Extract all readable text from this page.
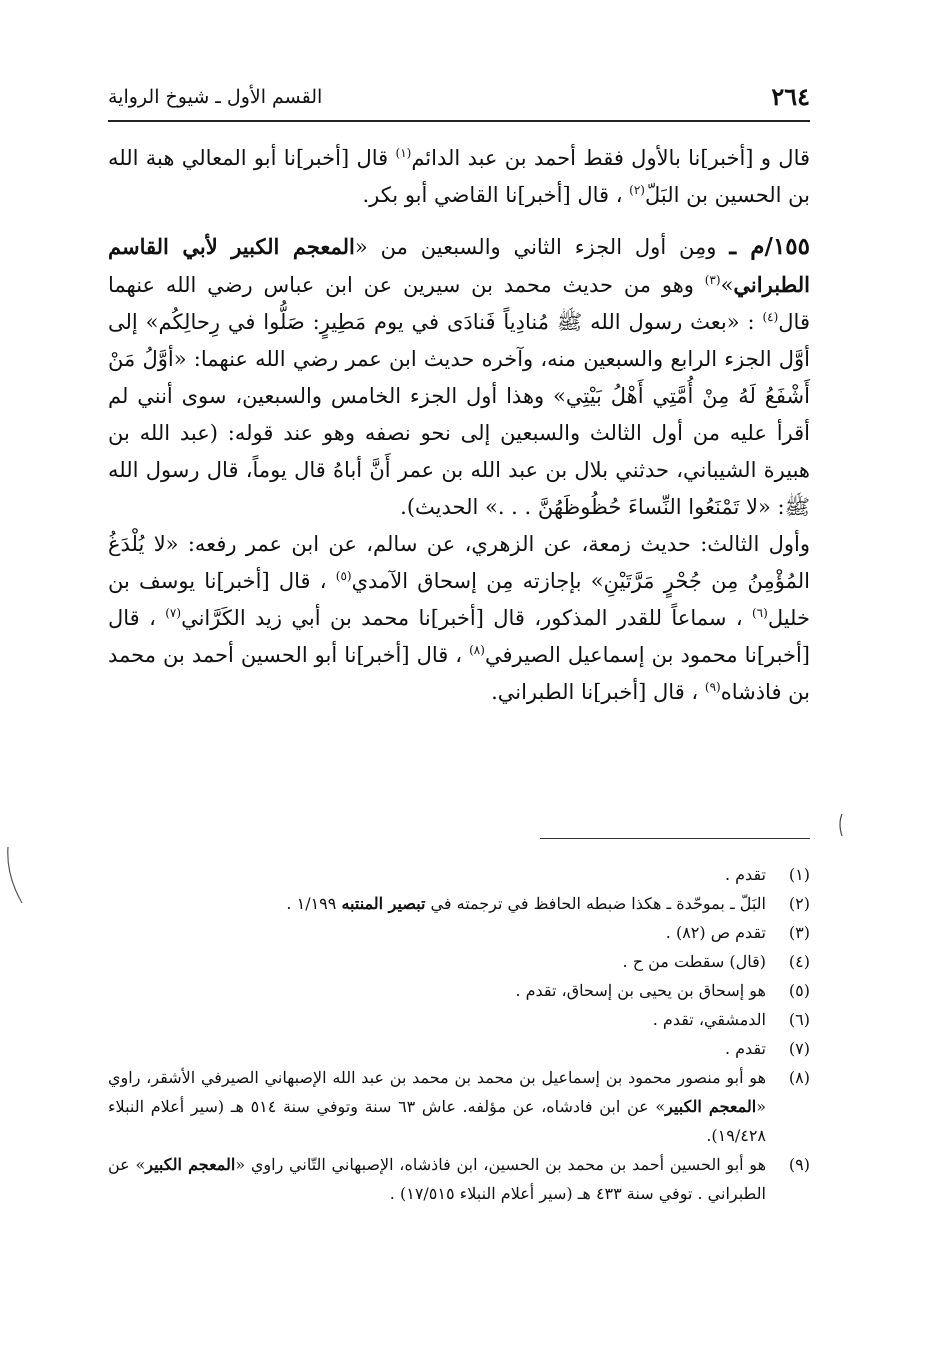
٢٦٤
القسم الأول ـ شيوخ الرواية

قال و [أخبر]نا بالأول فقط أحمد بن عبد الدائم$^{(١)}$ قال [أخبر]نا أبو المعالي هبة الله بن الحسين بن البَلّ$^{(٢)}$ ، قال [أخبر]نا القاضي أبو بكر.

١٥٥/م ـ ومِن أول الجزء الثاني والسبعين من «المعجم الكبير لأبي القاسم الطبراني»$^{(٣)}$ وهو من حديث محمد بن سيرين عن ابن عباس رضي الله عنهما قال$^{(٤)}$ : «بعث رسول الله ﷺ مُنادِياً فَنادَى في يوم مَطِيرٍ: صَلُّوا في رِحالِكُم» إلى أوَّل الجزء الرابع والسبعين منه، وآخره حديث ابن عمر رضي الله عنهما: «أوَّلُ مَنْ أَشْفَعُ لَهُ مِنْ أُمَّتِي أَهْلُ بَيْتِي» وهذا أول الجزء الخامس والسبعين، سوى أنني لم أقرأ عليه من أول الثالث والسبعين إلى نحو نصفه وهو عند قوله: (عبد الله بن هبيرة الشيباني، حدثني بلال بن عبد الله بن عمر أَنَّ أباهُ قال يوماً، قال رسول الله ﷺ: «لا تَمْنَعُوا النِّساءَ حُظُوظَهُنَّ . . .» الحديث).

وأول الثالث: حديث زمعة، عن الزهري، عن سالم، عن ابن عمر رفعه: «لا يُلْدَغُ المُؤْمِنُ مِن جُحْرٍ مَرَّتَيْنِ» بإجازته مِن إسحاق الآمدي$^{(٥)}$ ، قال [أخبر]نا يوسف بن خليل$^{(٦)}$ ، سماعاً للقدر المذكور، قال [أخبر]نا محمد بن أبي زيد الكَرَّاني$^{(٧)}$ ، قال [أخبر]نا محمود بن إسماعيل الصيرفي$^{(٨)}$ ، قال [أخبر]نا أبو الحسين أحمد بن محمد بن فاذشاه$^{(٩)}$ ، قال [أخبر]نا الطبراني.

(١)
تقدم .
(٢)
البَلّ ـ بموحّدة ـ هكذا ضبطه الحافظ في ترجمته في تبصير المنتبه ١/١٩٩ .
(٣)
تقدم ص (٨٢) .
(٤)
(قال) سقطت من ح .
(٥)
هو إسحاق بن يحيى بن إسحاق، تقدم .
(٦)
الدمشقي، تقدم .
(٧)
تقدم .
(٨)
هو أبو منصور محمود بن إسماعيل بن محمد بن محمد بن عبد الله الإصبهاني الصيرفي الأشقر، راوي «المعجم الكبير» عن ابن فادشاه، عن مؤلفه. عاش ٦٣ سنة وتوفي سنة ٥١٤ هـ (سير أعلام النبلاء ١٩/٤٢٨).
(٩)
هو أبو الحسين أحمد بن محمد بن الحسين، ابن فاذشاه، الإصبهاني التّاني راوي «المعجم الكبير» عن الطبراني . توفي سنة ٤٣٣ هـ (سير أعلام النبلاء ١٧/٥١٥) .
